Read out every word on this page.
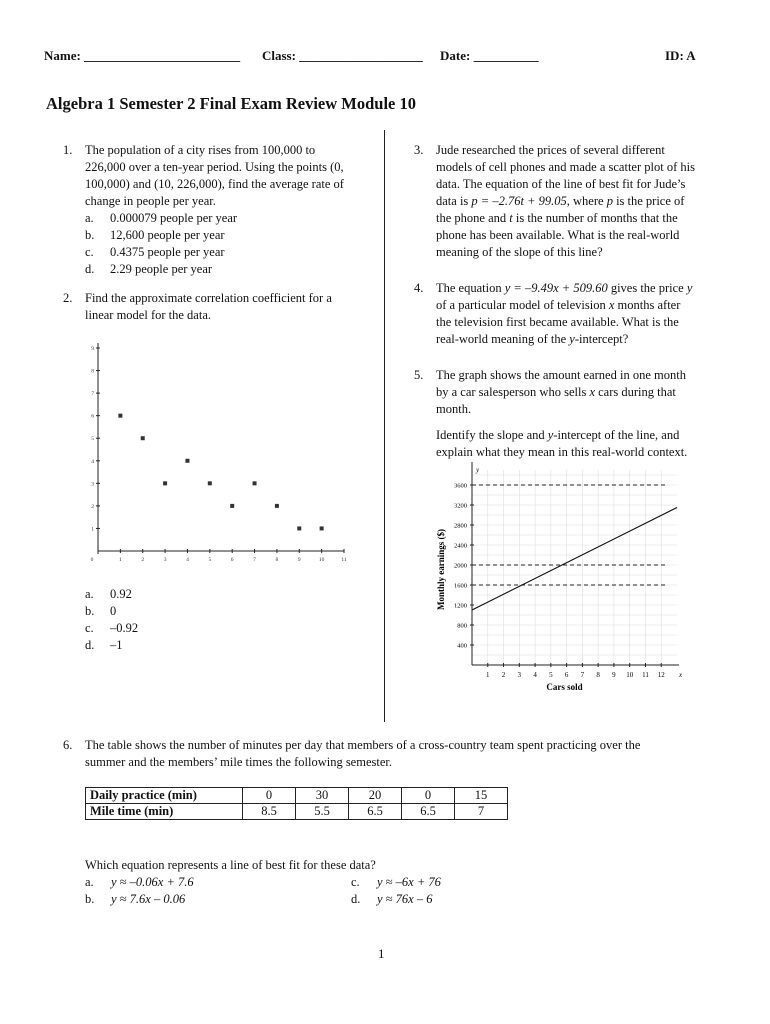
Name: ________________________ Class: ___________________ Date: __________	ID: A
Algebra 1 Semester 2 Final Exam Review Module 10
1. The population of a city rises from 100,000 to
226,000 over a ten-year period. Using the points (0,
100,000) and (10, 226,000), find the average rate of
change in people per year.
a. 0.000079 people per year
b. 12,600 people per year
c. 0.4375 people per year
d. 2.29 people per year
2. Find the approximate correlation coefficient for a
linear model for the data.
0	1	2	3	4	5	6	7	8	9	10	11
1
2
3
4
5
6
7
8
9
a. 0.92
b. 0
c. –0.92
d. –1
3. Jude researched the prices of several different
models of cell phones and made a scatter plot of his
data. The equation of the line of best fit for Jude’s
data is p = –2.76t + 99.05, where p is the price of
the phone and t is the number of months that the
phone has been available. What is the real-world
meaning of the slope of this line?
4. The equation y = –9.49x + 509.60 gives the price y
of a particular model of television x months after
the television first became available. What is the
real-world meaning of the y-intercept?
5. The graph shows the amount earned in one month
by a car salesperson who sells x cars during that
month.
Identify the slope and y-intercept of the line, and
explain what they mean in this real-world context.
x
y
1 2 3 4 5 6 7 8 9 10 11 12
400
800
1200
1600
2000
2400
2800
3200
3600
Cars sold
Monthly earnings ($)
6. The table shows the number of minutes per day that members of a cross-country team spent practicing over the
summer and the members’ mile times the following semester.
Daily practice (min)	0	30	20	0	15
Mile time (min)	8.5	5.5	6.5	6.5	7
Which equation represents a line of best fit for these data?
a. y ≈ –0.06x + 7.6	c. y ≈ –6x + 76
b. y ≈ 7.6x – 0.06	d. y ≈ 76x – 6
1
